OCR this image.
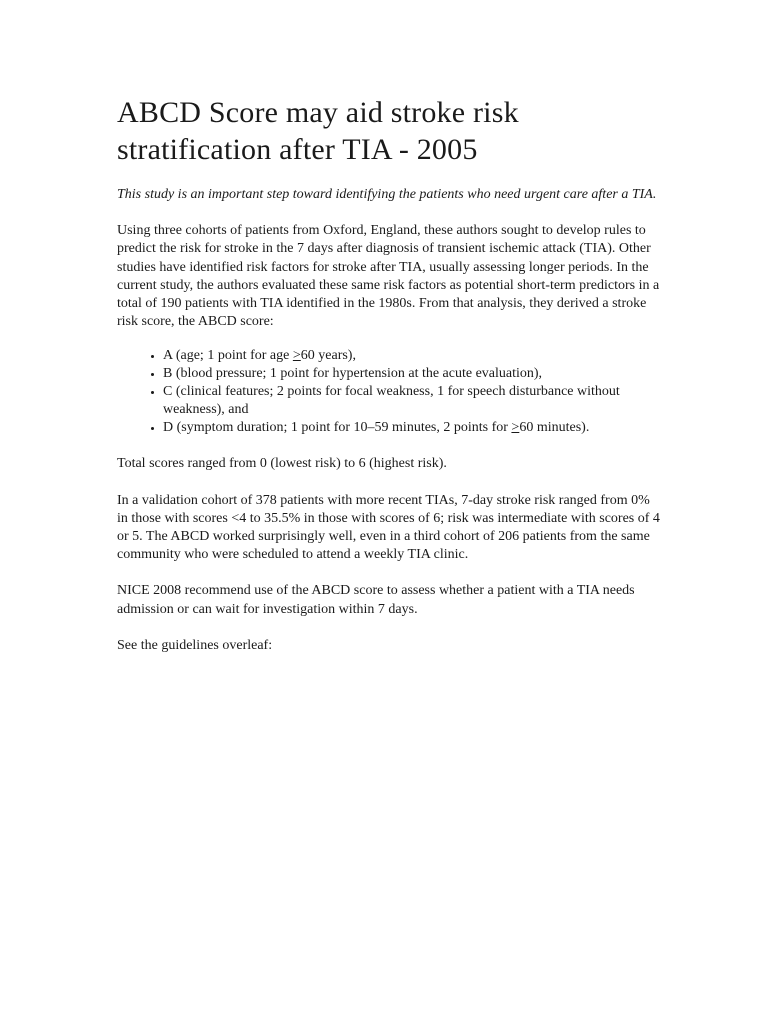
ABCD Score may aid stroke risk stratification after TIA - 2005

This study is an important step toward identifying the patients who need urgent care after a TIA.

Using three cohorts of patients from Oxford, England, these authors sought to develop rules to predict the risk for stroke in the 7 days after diagnosis of transient ischemic attack (TIA). Other studies have identified risk factors for stroke after TIA, usually assessing longer periods. In the current study, the authors evaluated these same risk factors as potential short-term predictors in a total of 190 patients with TIA identified in the 1980s. From that analysis, they derived a stroke risk score, the ABCD score:

• A (age; 1 point for age ≥60 years),
• B (blood pressure; 1 point for hypertension at the acute evaluation),
• C (clinical features; 2 points for focal weakness, 1 for speech disturbance without weakness), and
• D (symptom duration; 1 point for 10–59 minutes, 2 points for ≥60 minutes).

Total scores ranged from 0 (lowest risk) to 6 (highest risk).

In a validation cohort of 378 patients with more recent TIAs, 7-day stroke risk ranged from 0% in those with scores <4 to 35.5% in those with scores of 6; risk was intermediate with scores of 4 or 5. The ABCD worked surprisingly well, even in a third cohort of 206 patients from the same community who were scheduled to attend a weekly TIA clinic.

NICE 2008 recommend use of the ABCD score to assess whether a patient with a TIA needs admission or can wait for investigation within 7 days.

See the guidelines overleaf:
